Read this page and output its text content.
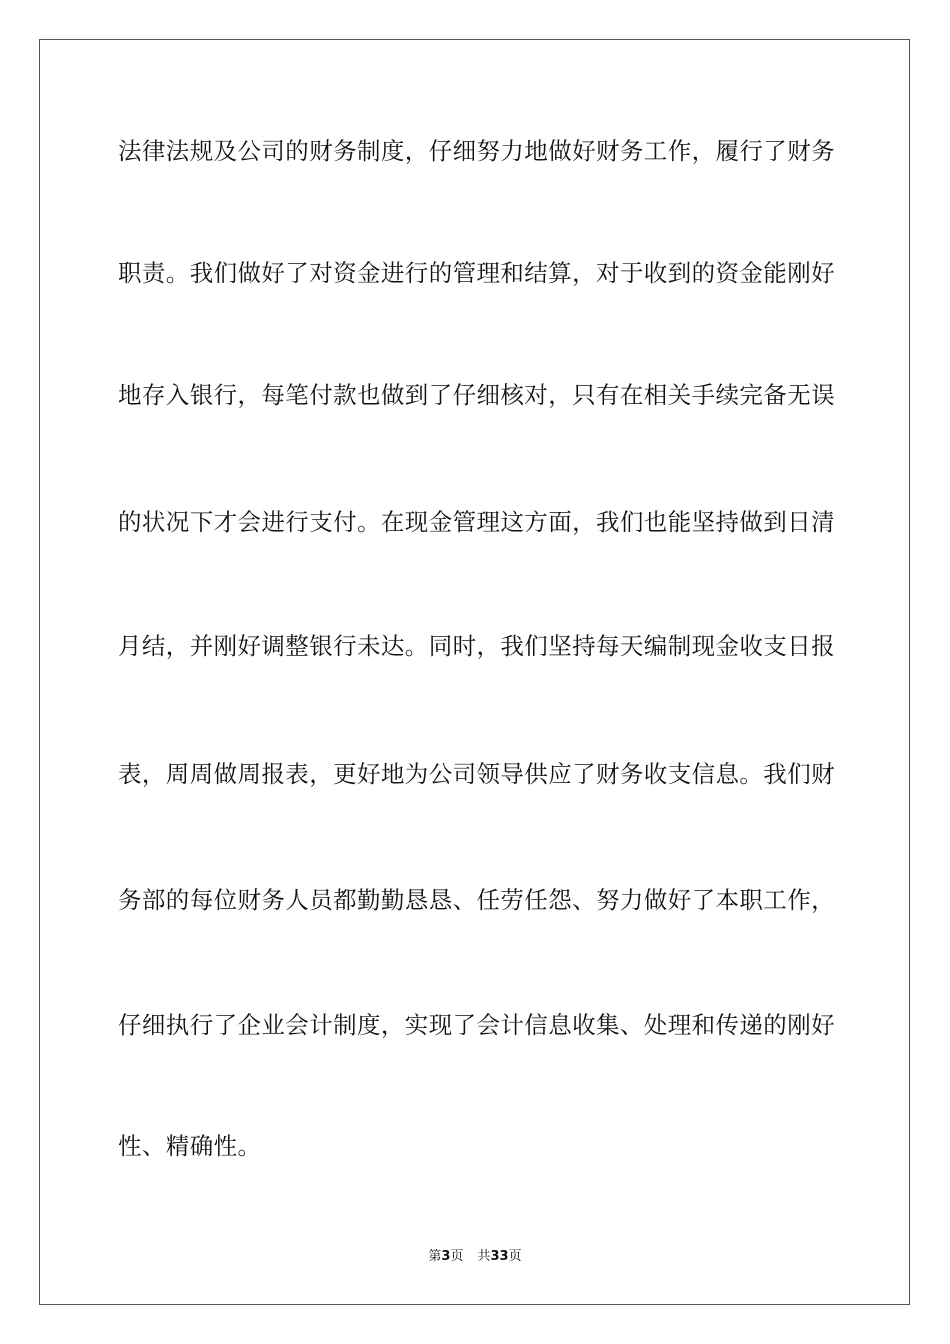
法律法规及公司的财务制度，仔细努力地做好财务工作，履行了财务
职责。我们做好了对资金进行的管理和结算，对于收到的资金能刚好
地存入银行，每笔付款也做到了仔细核对，只有在相关手续完备无误
的状况下才会进行支付。在现金管理这方面，我们也能坚持做到日清
月结，并刚好调整银行未达。同时，我们坚持每天编制现金收支日报
表，周周做周报表，更好地为公司领导供应了财务收支信息。我们财
务部的每位财务人员都勤勤恳恳、任劳任怨、努力做好了本职工作，
仔细执行了企业会计制度，实现了会计信息收集、处理和传递的刚好
性、精确性。
第3页 共33页
